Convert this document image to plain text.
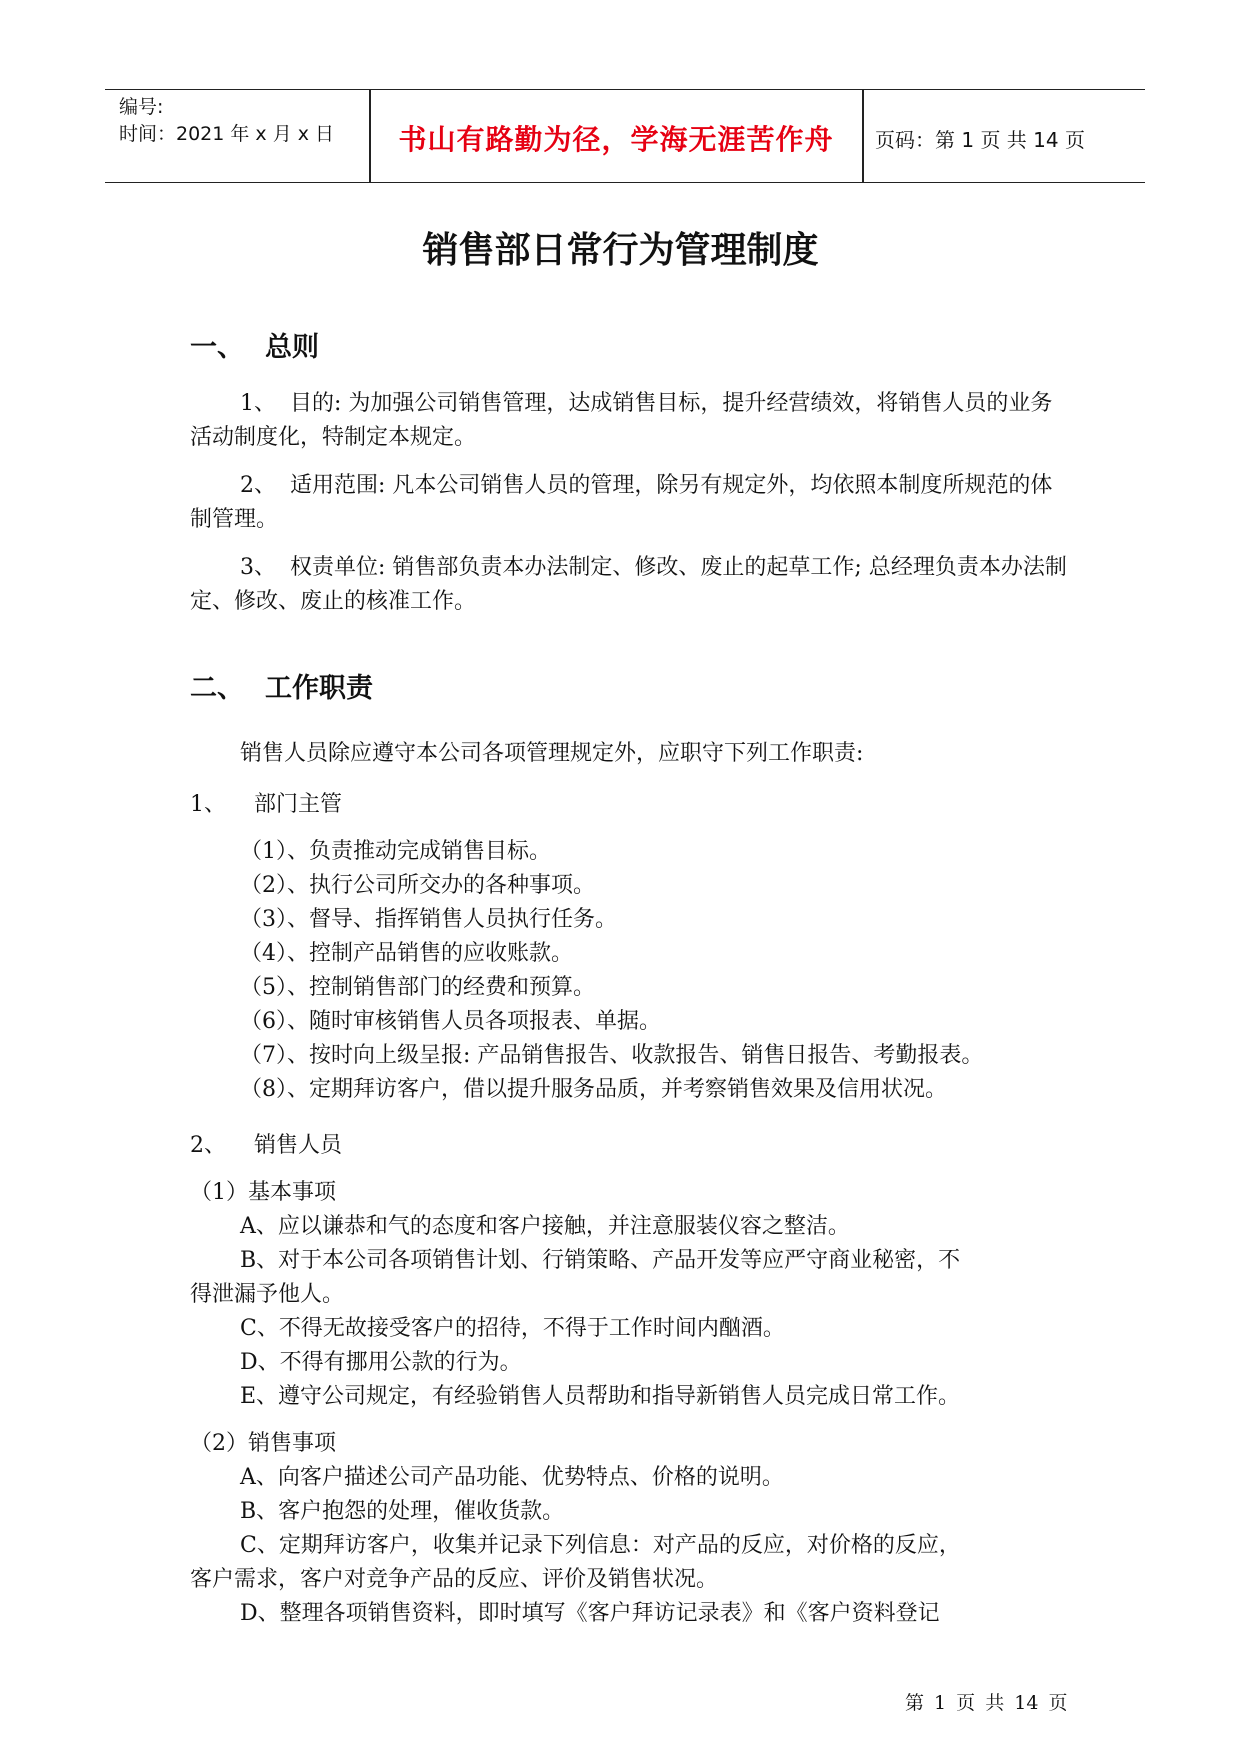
编号:
时间：2021 年 x 月 x 日	书山有路勤为径，学海无涯苦作舟	页码：第 1 页 共 14 页
销售部日常行为管理制度
一、 总则
1、 目的: 为加强公司销售管理，达成销售目标，提升经营绩效，将销售人员的业务活动制度化，特制定本规定。
2、 适用范围: 凡本公司销售人员的管理，除另有规定外，均依照本制度所规范的体制管理。
3、 权责单位: 销售部负责本办法制定、修改、废止的起草工作; 总经理负责本办法制定、修改、废止的核准工作。
二、 工作职责
销售人员除应遵守本公司各项管理规定外，应职守下列工作职责:
1、 部门主管
（1）、负责推动完成销售目标。
（2）、执行公司所交办的各种事项。
（3）、督导、指挥销售人员执行任务。
（4）、控制产品销售的应收账款。
（5）、控制销售部门的经费和预算。
（6）、随时审核销售人员各项报表、单据。
（7）、按时向上级呈报: 产品销售报告、收款报告、销售日报告、考勤报表。
（8）、定期拜访客户，借以提升服务品质，并考察销售效果及信用状况。
2、 销售人员
（1）基本事项
A、应以谦恭和气的态度和客户接触，并注意服装仪容之整洁。
B、对于本公司各项销售计划、行销策略、产品开发等应严守商业秘密，不
得泄漏予他人。
C、不得无故接受客户的招待，不得于工作时间内酗酒。
D、不得有挪用公款的行为。
E、遵守公司规定，有经验销售人员帮助和指导新销售人员完成日常工作。
（2）销售事项
A、向客户描述公司产品功能、优势特点、价格的说明。
B、客户抱怨的处理，催收货款。
C、定期拜访客户，收集并记录下列信息：对产品的反应，对价格的反应，
客户需求，客户对竞争产品的反应、评价及销售状况。
D、整理各项销售资料，即时填写《客户拜访记录表》和《客户资料登记
第 1 页 共 14 页
